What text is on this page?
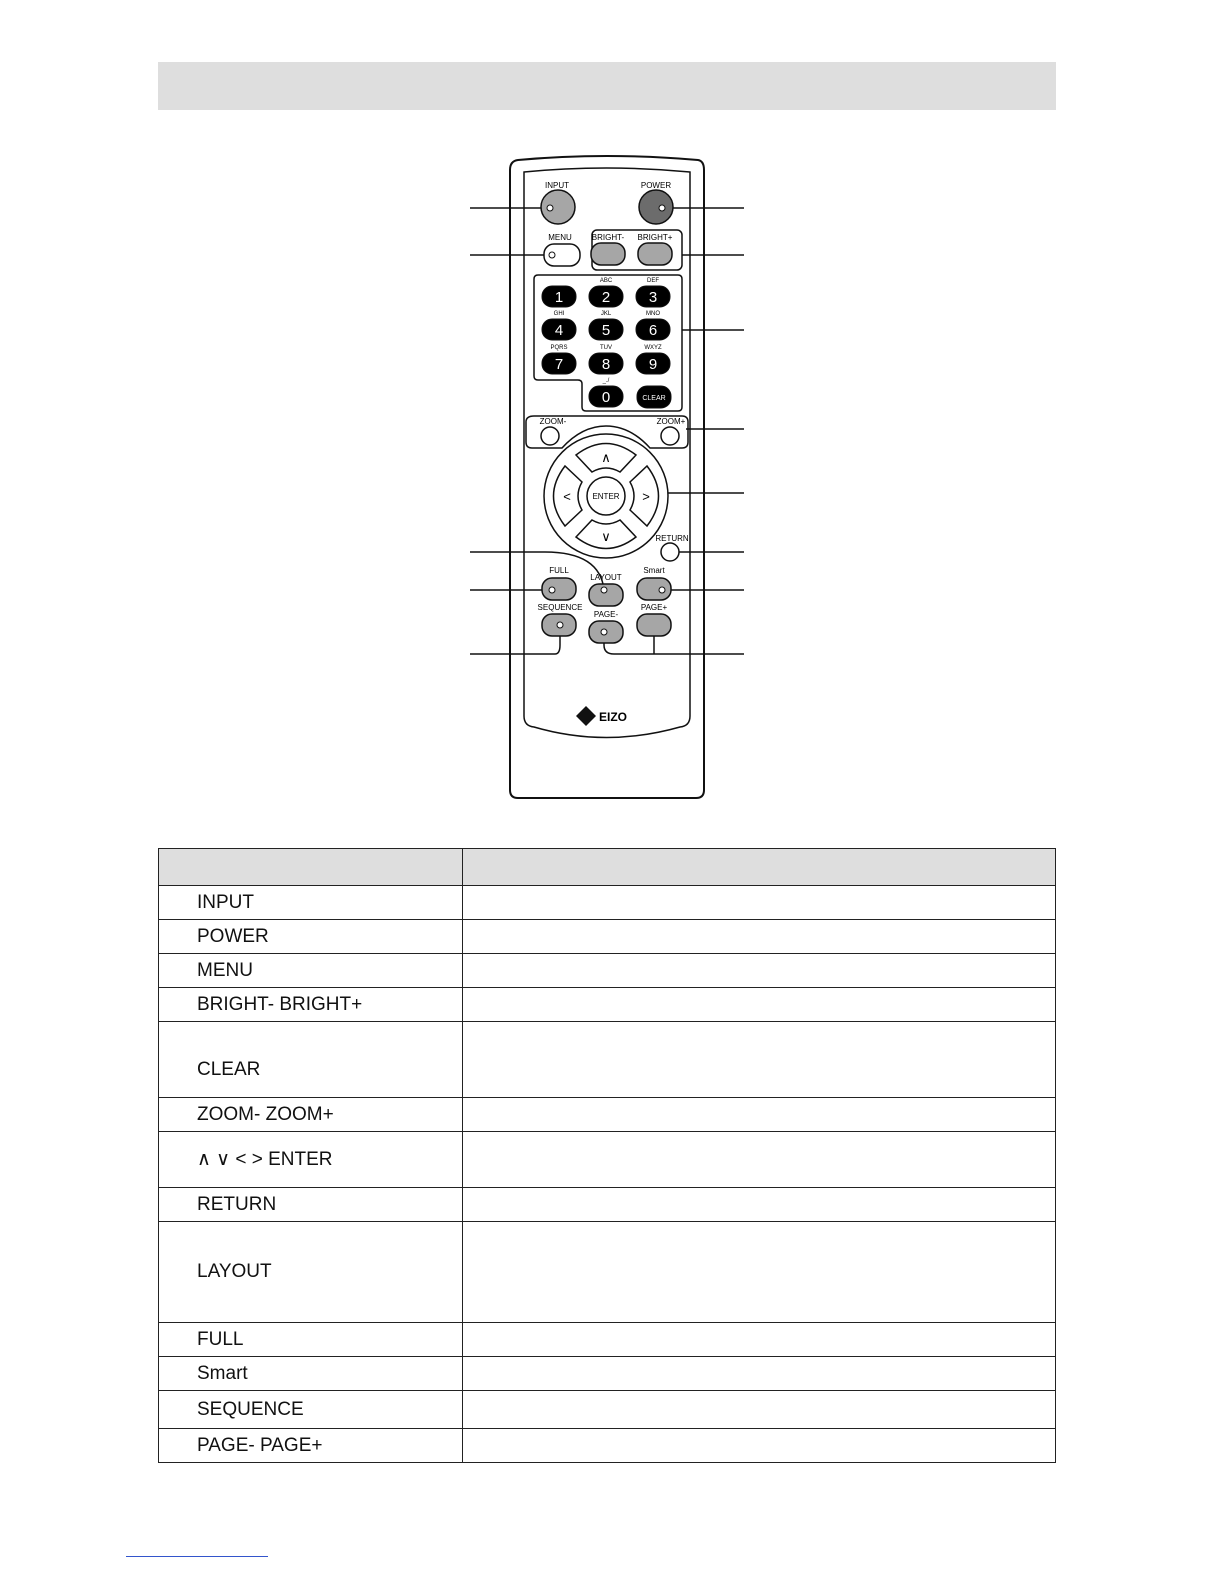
INPUT	POWER
MENU BRIGHT- BRIGHT+
1
ABC
2
DEF
3
GHI
4
JKL
5
MNO
6
PQRS
7
TUV
8
WXYZ
9
_./
0	CLEAR
ZOOM-	ZOOM+
ENTER
∧
∨
<	>
RETURN
FULL
LAYOUT
Smart
SEQUENCE
PAGE-
PAGE+
EIZO

INPUT	
POWER	
MENU	
BRIGHT- BRIGHT+	
CLEAR	
ZOOM- ZOOM+	
∧ ∨ < > ENTER	
RETURN	
LAYOUT	
FULL	
Smart	
SEQUENCE	
PAGE- PAGE+	
